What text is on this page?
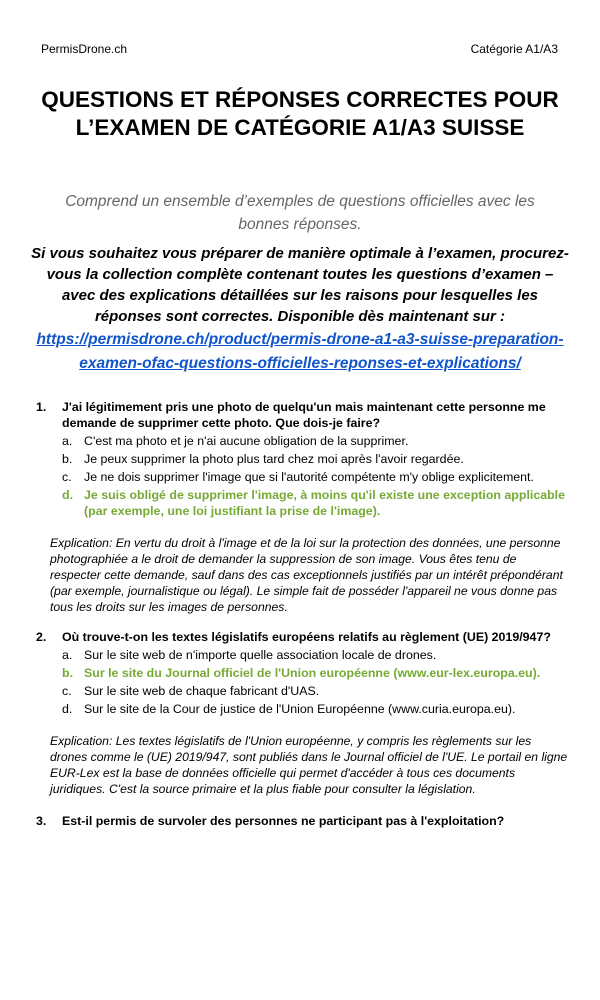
PermisDrone.ch	Catégorie A1/A3
QUESTIONS ET RÉPONSES CORRECTES POUR L’EXAMEN DE CATÉGORIE A1/A3 SUISSE
Comprend un ensemble d’exemples de questions officielles avec les bonnes réponses.
Si vous souhaitez vous préparer de manière optimale à l’examen, procurez-vous la collection complète contenant toutes les questions d’examen – avec des explications détaillées sur les raisons pour lesquelles les réponses sont correctes. Disponible dès maintenant sur :
https://permisdrone.ch/product/permis-drone-a1-a3-suisse-preparation-examen-ofac-questions-officielles-reponses-et-explications/
1.	J'ai légitimement pris une photo de quelqu'un mais maintenant cette personne me demande de supprimer cette photo. Que dois-je faire?
a. C'est ma photo et je n'ai aucune obligation de la supprimer.
b. Je peux supprimer la photo plus tard chez moi après l'avoir regardée.
c. Je ne dois supprimer l'image que si l'autorité compétente m'y oblige explicitement.
d. Je suis obligé de supprimer l'image, à moins qu'il existe une exception applicable (par exemple, une loi justifiant la prise de l'image).
Explication: En vertu du droit à l'image et de la loi sur la protection des données, une personne photographiée a le droit de demander la suppression de son image. Vous êtes tenu de respecter cette demande, sauf dans des cas exceptionnels justifiés par un intérêt prépondérant (par exemple, journalistique ou légal). Le simple fait de posséder l'appareil ne vous donne pas tous les droits sur les images de personnes.
2.	Où trouve-t-on les textes législatifs européens relatifs au règlement (UE) 2019/947?
a. Sur le site web de n'importe quelle association locale de drones.
b. Sur le site du Journal officiel de l'Union européenne (www.eur-lex.europa.eu).
c. Sur le site web de chaque fabricant d'UAS.
d. Sur le site de la Cour de justice de l'Union Européenne (www.curia.europa.eu).
Explication: Les textes législatifs de l'Union européenne, y compris les règlements sur les drones comme le (UE) 2019/947, sont publiés dans le Journal officiel de l'UE. Le portail en ligne EUR-Lex est la base de données officielle qui permet d'accéder à tous ces documents juridiques. C'est la source primaire et la plus fiable pour consulter la législation.
3.	Est-il permis de survoler des personnes ne participant pas à l'exploitation?
